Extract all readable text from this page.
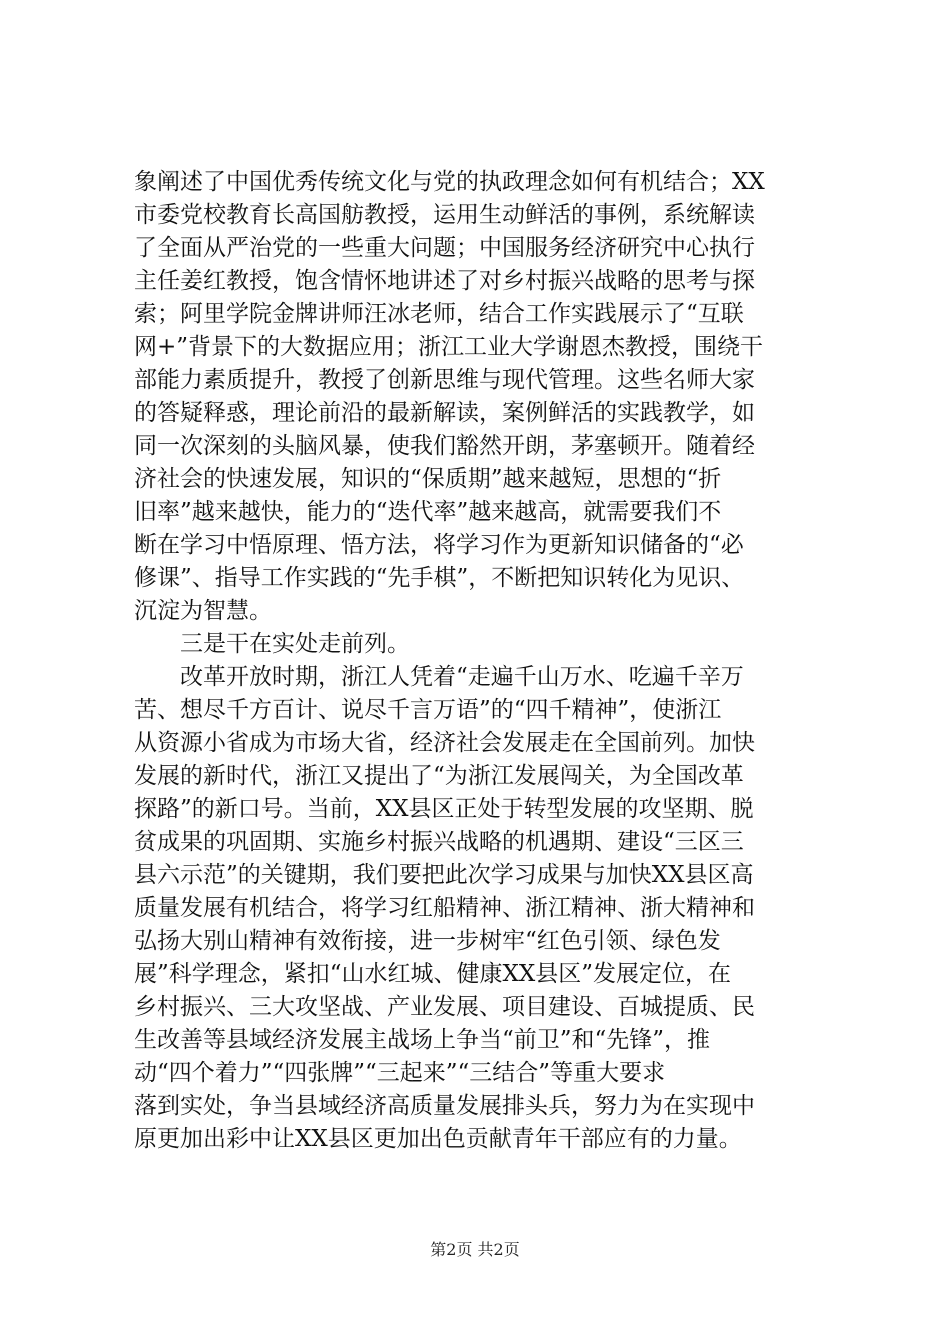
象阐述了中国优秀传统文化与党的执政理念如何有机结合；XX
市委党校教育长高国舫教授，运用生动鲜活的事例，系统解读
了全面从严治党的一些重大问题；中国服务经济研究中心执行
主任姜红教授，饱含情怀地讲述了对乡村振兴战略的思考与探
索；阿里学院金牌讲师汪冰老师，结合工作实践展示了“互联
网+”背景下的大数据应用；浙江工业大学谢恩杰教授，围绕干
部能力素质提升，教授了创新思维与现代管理。这些名师大家
的答疑释惑，理论前沿的最新解读，案例鲜活的实践教学，如
同一次深刻的头脑风暴，使我们豁然开朗，茅塞顿开。随着经
济社会的快速发展，知识的“保质期”越来越短，思想的“折
旧率”越来越快，能力的“迭代率”越来越高，就需要我们不
断在学习中悟原理、悟方法，将学习作为更新知识储备的“必
修课”、指导工作实践的“先手棋”，不断把知识转化为见识、
沉淀为智慧。
三是干在实处走前列。
改革开放时期，浙江人凭着“走遍千山万水、吃遍千辛万
苦、想尽千方百计、说尽千言万语”的“四千精神”，使浙江
从资源小省成为市场大省，经济社会发展走在全国前列。加快
发展的新时代，浙江又提出了“为浙江发展闯关，为全国改革
探路”的新口号。当前，XX县区正处于转型发展的攻坚期、脱
贫成果的巩固期、实施乡村振兴战略的机遇期、建设“三区三
县六示范”的关键期，我们要把此次学习成果与加快XX县区高
质量发展有机结合，将学习红船精神、浙江精神、浙大精神和
弘扬大别山精神有效衔接，进一步树牢“红色引领、绿色发
展”科学理念，紧扣“山水红城、健康XX县区”发展定位，在
乡村振兴、三大攻坚战、产业发展、项目建设、百城提质、民
生改善等县域经济发展主战场上争当“前卫”和“先锋”，推
动“四个着力”“四张牌”“三起来”“三结合”等重大要求
落到实处，争当县域经济高质量发展排头兵，努力为在实现中
原更加出彩中让XX县区更加出色贡献青年干部应有的力量。
第2页 共2页
